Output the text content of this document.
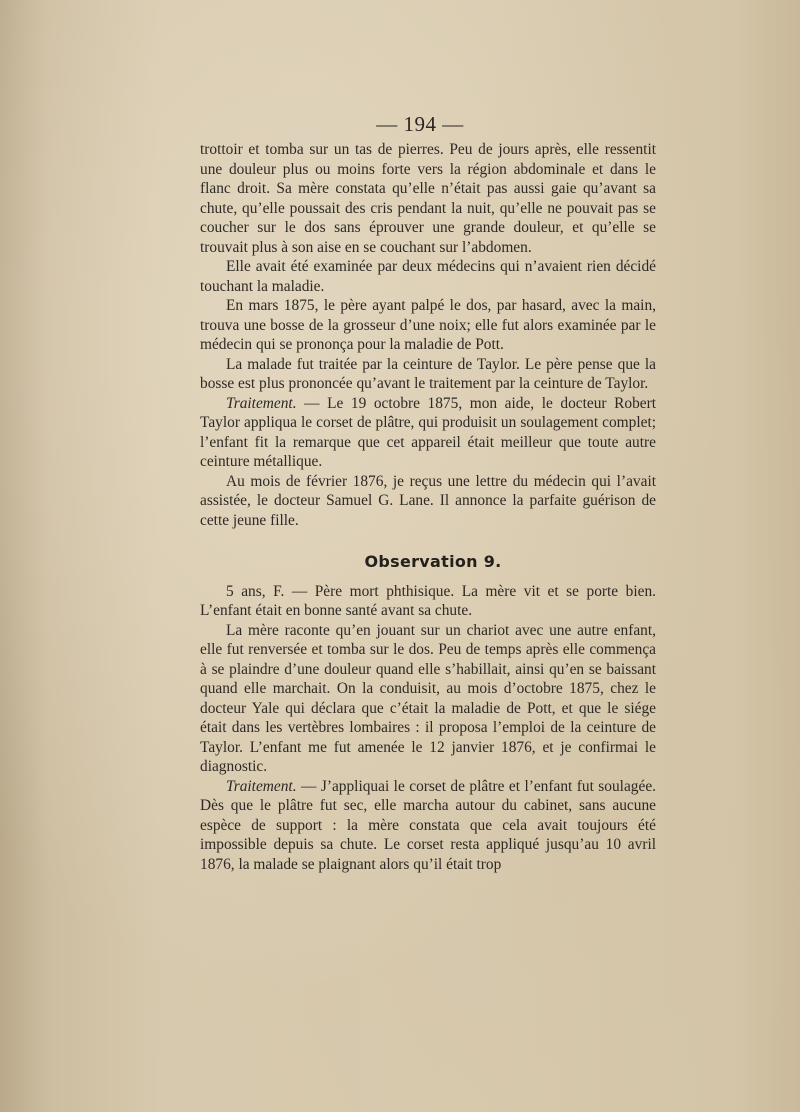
— 194 —

trottoir et tomba sur un tas de pierres. Peu de jours après, elle ressentit une douleur plus ou moins forte vers la région abdominale et dans le flanc droit. Sa mère constata qu’elle n’était pas aussi gaie qu’avant sa chute, qu’elle poussait des cris pendant la nuit, qu’elle ne pouvait pas se coucher sur le dos sans éprouver une grande douleur, et qu’elle se trouvait plus à son aise en se couchant sur l’abdomen.

Elle avait été examinée par deux médecins qui n’avaient rien décidé touchant la maladie.

En mars 1875, le père ayant palpé le dos, par hasard, avec la main, trouva une bosse de la grosseur d’une noix; elle fut alors examinée par le médecin qui se prononça pour la maladie de Pott.

La malade fut traitée par la ceinture de Taylor. Le père pense que la bosse est plus prononcée qu’avant le traitement par la ceinture de Taylor.

Traitement. — Le 19 octobre 1875, mon aide, le docteur Robert Taylor appliqua le corset de plâtre, qui produisit un soulagement complet; l’enfant fit la remarque que cet appareil était meilleur que toute autre ceinture métallique.

Au mois de février 1876, je reçus une lettre du médecin qui l’avait assistée, le docteur Samuel G. Lane. Il annonce la parfaite guérison de cette jeune fille.

Observation 9.

5 ans, F. — Père mort phthisique. La mère vit et se porte bien. L’enfant était en bonne santé avant sa chute.

La mère raconte qu’en jouant sur un chariot avec une autre enfant, elle fut renversée et tomba sur le dos. Peu de temps après elle commença à se plaindre d’une douleur quand elle s’habillait, ainsi qu’en se baissant quand elle marchait. On la conduisit, au mois d’octobre 1875, chez le docteur Yale qui déclara que c’était la maladie de Pott, et que le siége était dans les vertèbres lombaires : il proposa l’emploi de la ceinture de Taylor. L’enfant me fut amenée le 12 janvier 1876, et je confirmai le diagnostic.

Traitement. — J’appliquai le corset de plâtre et l’enfant fut soulagée. Dès que le plâtre fut sec, elle marcha autour du cabinet, sans aucune espèce de support : la mère constata que cela avait toujours été impossible depuis sa chute. Le corset resta appliqué jusqu’au 10 avril 1876, la malade se plaignant alors qu’il était trop
